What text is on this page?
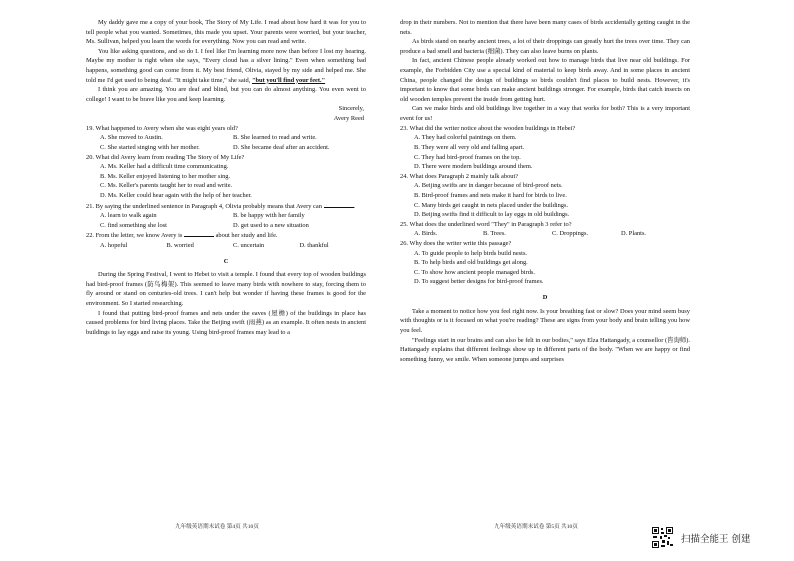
My daddy gave me a copy of your book, The Story of My Life. I read about how hard it was for you to tell people what you wanted. Sometimes, this made you upset. Your parents were worried, but your teacher, Ms. Sullivan, helped you learn the words for everything. Now you can read and write.

You like asking questions, and so do I. I feel like I'm learning more now than before I lost my hearing. Maybe my mother is right when she says, "Every cloud has a silver lining." Even when something bad happens, something good can come from it. My best friend, Olivia, stayed by my side and helped me. She told me I'd get used to being deaf. "It might take time," she said, "but you'll find your feet."

I think you are amazing. You are deaf and blind, but you can do almost anything. You even went to college! I want to be brave like you and keep learning.

Sincerely,
Avery Reed
19. What happened to Avery when she was eight years old?
A. She moved to Austin.	B. She learned to read and write.
C. She started singing with her mother.	D. She became deaf after an accident.
20. What did Avery learn from reading The Story of My Life?
A. Ms. Keller had a difficult time communicating.
B. Ms. Keller enjoyed listening to her mother sing.
C. Ms. Keller's parents taught her to read and write.
D. Ms. Keller could hear again with the help of her teacher.
21. By saying the underlined sentence in Paragraph 4, Olivia probably means that Avery can	.
A. learn to walk again	B. be happy with her family
C. find something she lost	D. get used to a new situation
22. From the letter, we know Avery is	about her study and life.
A. hopeful	B. worried	C. uncertain	D. thankful
C

During the Spring Festival, I went to Hebei to visit a temple. I found that every top of wooden buildings had bird-proof frames (防鸟梅架). This seemed to leave many birds with nowhere to stay, forcing them to fly around or stand on centuries-old trees. I can't help but wonder if having these frames is good for the environment. So I started researching.

I found that putting bird-proof frames and nets under the eaves (屋檐) of the buildings in place has caused problems for bird living places. Take the Beijing swift (雨燕) as an example. It often nests in ancient buildings to lay eggs and raise its young. Using bird-proof frames may lead to a

drop in their numbers. Not to mention that there have been many cases of birds accidentally getting caught in the nets.

As birds stand on nearby ancient trees, a lot of their droppings can greatly hurt the trees over time. They can produce a bad smell and bacteria (细菌). They can also leave burns on plants.

In fact, ancient Chinese people already worked out how to manage birds that live near old buildings. For example, the Forbidden City use a special kind of material to keep birds away. And in some places in ancient China, people changed the design of buildings so birds couldn't find places to build nests. However, it's important to know that some birds can make ancient buildings stronger. For example, birds that catch insects on old wooden temples prevent the inside from getting hurt.

Can we make birds and old buildings live together in a way that works for both? This is a very important event for us!

23. What did the writer notice about the wooden buildings in Hebei?
A. They had colorful paintings on them.
B. They were all very old and falling apart.
C. They had bird-proof frames on the top.
D. There were modern buildings around them.
24. What does Paragraph 2 mainly talk about?
A. Beijing swifts are in danger because of bird-proof nets.
B. Bird-proof frames and nets make it hard for birds to live.
C. Many birds get caught in nets placed under the buildings.
D. Beijing swifts find it difficult to lay eggs in old buildings.
25. What does the underlined word "They" in Paragraph 3 refer to?
A. Birds.	B. Trees.	C. Droppings.	D. Plants.
26. Why does the writer write this passage?
A. To guide people to help birds build nests.
B. To help birds and old buildings get along.
C. To show how ancient people managed birds.
D. To suggest better designs for bird-proof frames.
D

Take a moment to notice how you feel right now. Is your breathing fast or slow? Does your mind seem busy with thoughts or is it focused on what you're reading? These are signs from your body and brain telling you how you feel.

"Feelings start in our brains and can also be felt in our bodies," says Elza Hattangady, a counsellor (咨询师). Hattangady explains that different feelings show up in different parts of the body. "When we are happy or find something funny, we smile. When someone jumps and surprises

九年级英语期末试卷 第4页 共10页	九年级英语期末试卷 第5页 共10页
扫描全能王 创建
